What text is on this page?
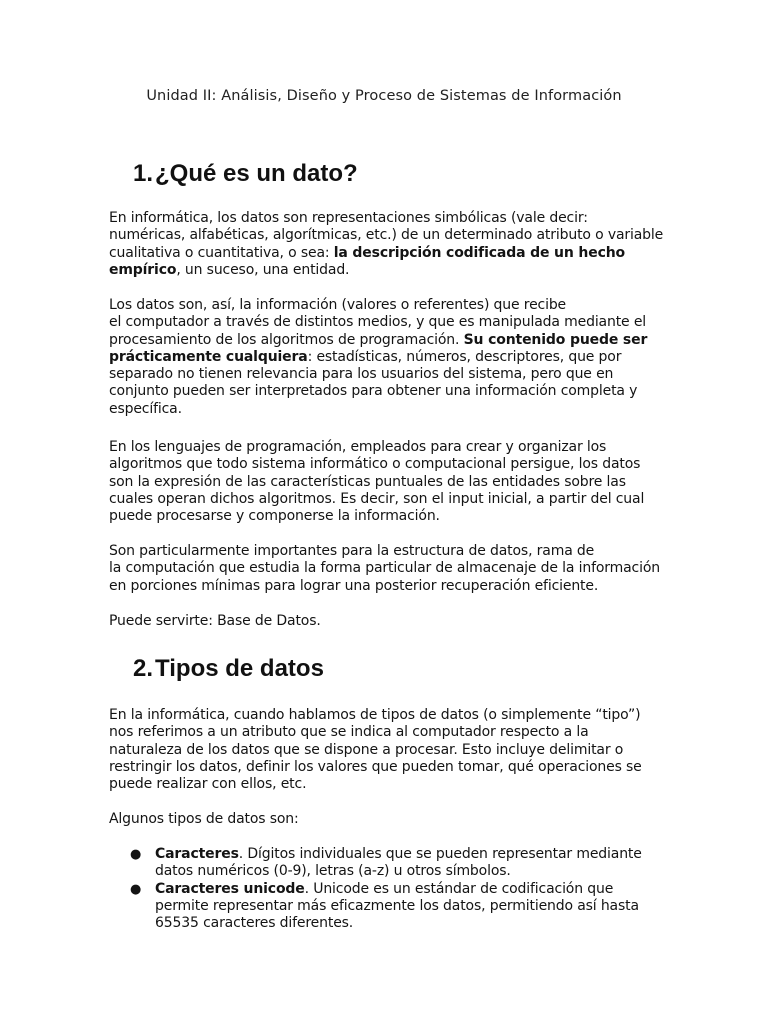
Unidad II: Análisis, Diseño y Proceso de Sistemas de Información
1.¿Qué es un dato?

En informática, los datos son representaciones simbólicas (vale decir:
numéricas, alfabéticas, algorítmicas, etc.) de un determinado atributo o variable
cualitativa o cuantitativa, o sea: la descripción codificada de un hecho
empírico, un suceso, una entidad.

Los datos son, así, la información (valores o referentes) que recibe
el computador a través de distintos medios, y que es manipulada mediante el
procesamiento de los algoritmos de programación. Su contenido puede ser
prácticamente cualquiera: estadísticas, números, descriptores, que por
separado no tienen relevancia para los usuarios del sistema, pero que en
conjunto pueden ser interpretados para obtener una información completa y
específica.

En los lenguajes de programación, empleados para crear y organizar los
algoritmos que todo sistema informático o computacional persigue, los datos
son la expresión de las características puntuales de las entidades sobre las
cuales operan dichos algoritmos. Es decir, son el input inicial, a partir del cual
puede procesarse y componerse la información.

Son particularmente importantes para la estructura de datos, rama de
la computación que estudia la forma particular de almacenaje de la información
en porciones mínimas para lograr una posterior recuperación eficiente.

Puede servirte: Base de Datos.

2.Tipos de datos

En la informática, cuando hablamos de tipos de datos (o simplemente “tipo”)
nos referimos a un atributo que se indica al computador respecto a la
naturaleza de los datos que se dispone a procesar. Esto incluye delimitar o
restringir los datos, definir los valores que pueden tomar, qué operaciones se
puede realizar con ellos, etc.

Algunos tipos de datos son:

● Caracteres. Dígitos individuales que se pueden representar mediante
datos numéricos (0-9), letras (a-z) u otros símbolos.
● Caracteres unicode. Unicode es un estándar de codificación que
permite representar más eficazmente los datos, permitiendo así hasta
65535 caracteres diferentes.
